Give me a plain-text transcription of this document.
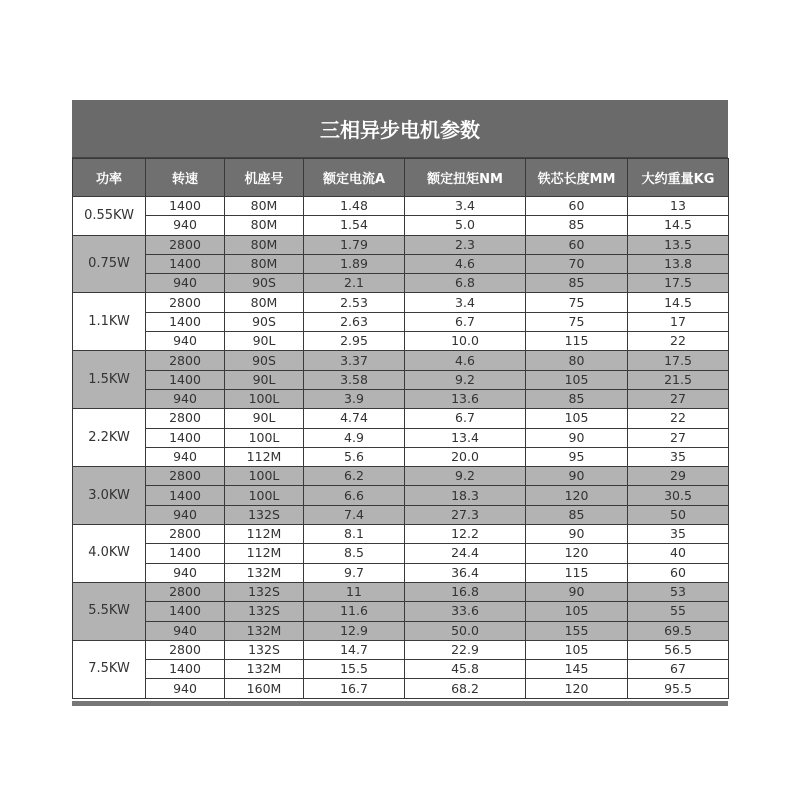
三相异步电机参数
功率	转速	机座号	额定电流A	额定扭矩NM	铁芯长度MM	大约重量KG
0.55KW	1400	80M	1.48	3.4	60	13
	940	80M	1.54	5.0	85	14.5
0.75W	2800	80M	1.79	2.3	60	13.5
	1400	80M	1.89	4.6	70	13.8
	940	90S	2.1	6.8	85	17.5
1.1KW	2800	80M	2.53	3.4	75	14.5
	1400	90S	2.63	6.7	75	17
	940	90L	2.95	10.0	115	22
1.5KW	2800	90S	3.37	4.6	80	17.5
	1400	90L	3.58	9.2	105	21.5
	940	100L	3.9	13.6	85	27
2.2KW	2800	90L	4.74	6.7	105	22
	1400	100L	4.9	13.4	90	27
	940	112M	5.6	20.0	95	35
3.0KW	2800	100L	6.2	9.2	90	29
	1400	100L	6.6	18.3	120	30.5
	940	132S	7.4	27.3	85	50
4.0KW	2800	112M	8.1	12.2	90	35
	1400	112M	8.5	24.4	120	40
	940	132M	9.7	36.4	115	60
5.5KW	2800	132S	11	16.8	90	53
	1400	132S	11.6	33.6	105	55
	940	132M	12.9	50.0	155	69.5
7.5KW	2800	132S	14.7	22.9	105	56.5
	1400	132M	15.5	45.8	145	67
	940	160M	16.7	68.2	120	95.5
